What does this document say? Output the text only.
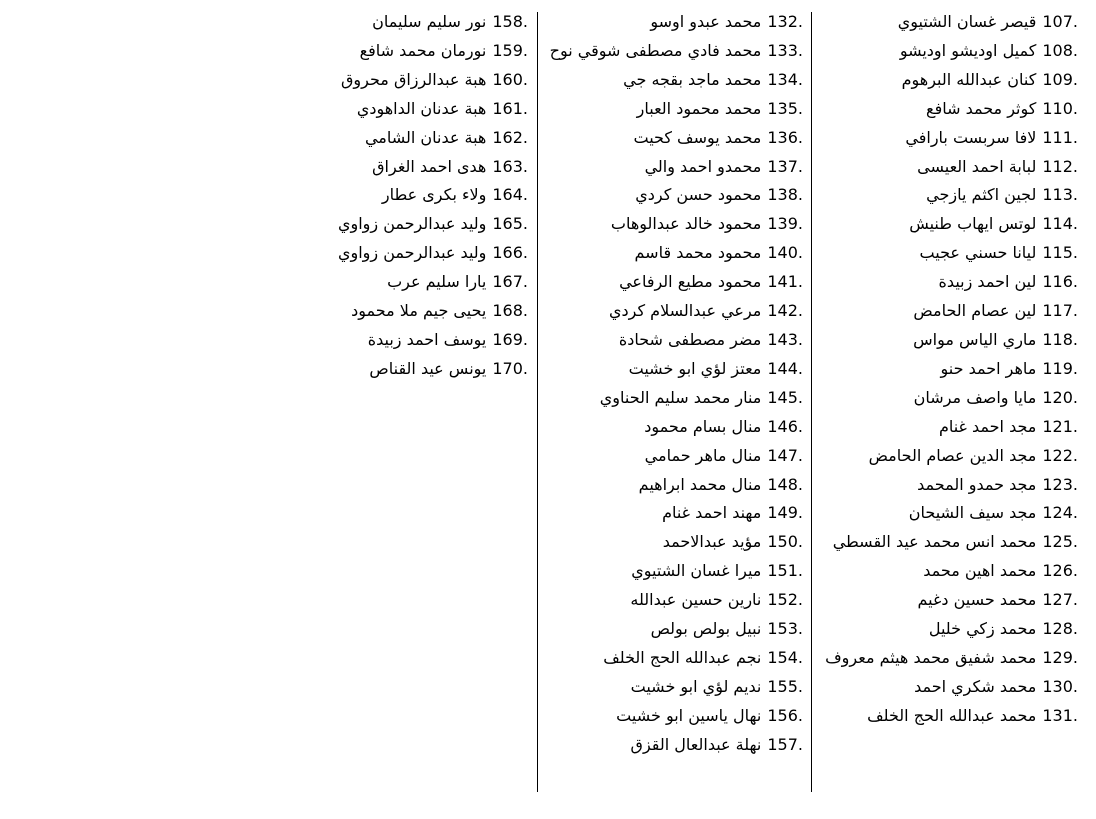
107.
قيصر غسان الشتيوي
108.
كميل اوديشو اوديشو
109.
كنان عبدالله البرهوم
110.
كوثر محمد شافع
111.
لافا سربست بارافي
112.
لبابة احمد العيسى
113.
لجين اكثم يازجي
114.
لوتس ايهاب طنيش
115.
ليانا حسني عجيب
116.
لين احمد زبيدة
117.
لين عصام الحامض
118.
ماري الياس مواس
119.
ماهر احمد حنو
120.
مايا واصف مرشان
121.
مجد احمد غنام
122.
مجد الدين عصام الحامض
123.
مجد حمدو المحمد
124.
مجد سيف الشيحان
125.
محمد انس محمد عيد القسطي
126.
محمد اهين محمد
127.
محمد حسين دغيم
128.
محمد زكي خليل
129.
محمد شفيق محمد هيثم معروف
130.
محمد شكري احمد
131.
محمد عبدالله الحج الخلف
132.
محمد عبدو اوسو
133.
محمد فادي مصطفى شوقي نوح
134.
محمد ماجد بقجه جي
135.
محمد محمود العبار
136.
محمد يوسف كحيت
137.
محمدو احمد والي
138.
محمود حسن كردي
139.
محمود خالد عبدالوهاب
140.
محمود محمد قاسم
141.
محمود مطيع الرفاعي
142.
مرعي عبدالسلام كردي
143.
مضر مصطفى شحادة
144.
معتز لؤي ابو خشيت
145.
منار محمد سليم الحناوي
146.
منال بسام محمود
147.
منال ماهر حمامي
148.
منال محمد ابراهيم
149.
مهند احمد غنام
150.
مؤيد عبدالاحمد
151.
ميرا غسان الشتيوي
152.
نارين حسين عبدالله
153.
نبيل بولص بولص
154.
نجم عبدالله الحج الخلف
155.
نديم لؤي ابو خشيت
156.
نهال ياسين ابو خشيت
157.
نهلة عبدالعال القزق
158.
نور سليم سليمان
159.
نورمان محمد شافع
160.
هبة عبدالرزاق محروق
161.
هبة عدنان الداهودي
162.
هبة عدنان الشامي
163.
هدى احمد الغراق
164.
ولاء بكرى عطار
165.
وليد عبدالرحمن زواوي
166.
وليد عبدالرحمن زواوي
167.
يارا سليم عرب
168.
يحيى جيم ملا محمود
169.
يوسف احمد زبيدة
170.
يونس عيد القناص
